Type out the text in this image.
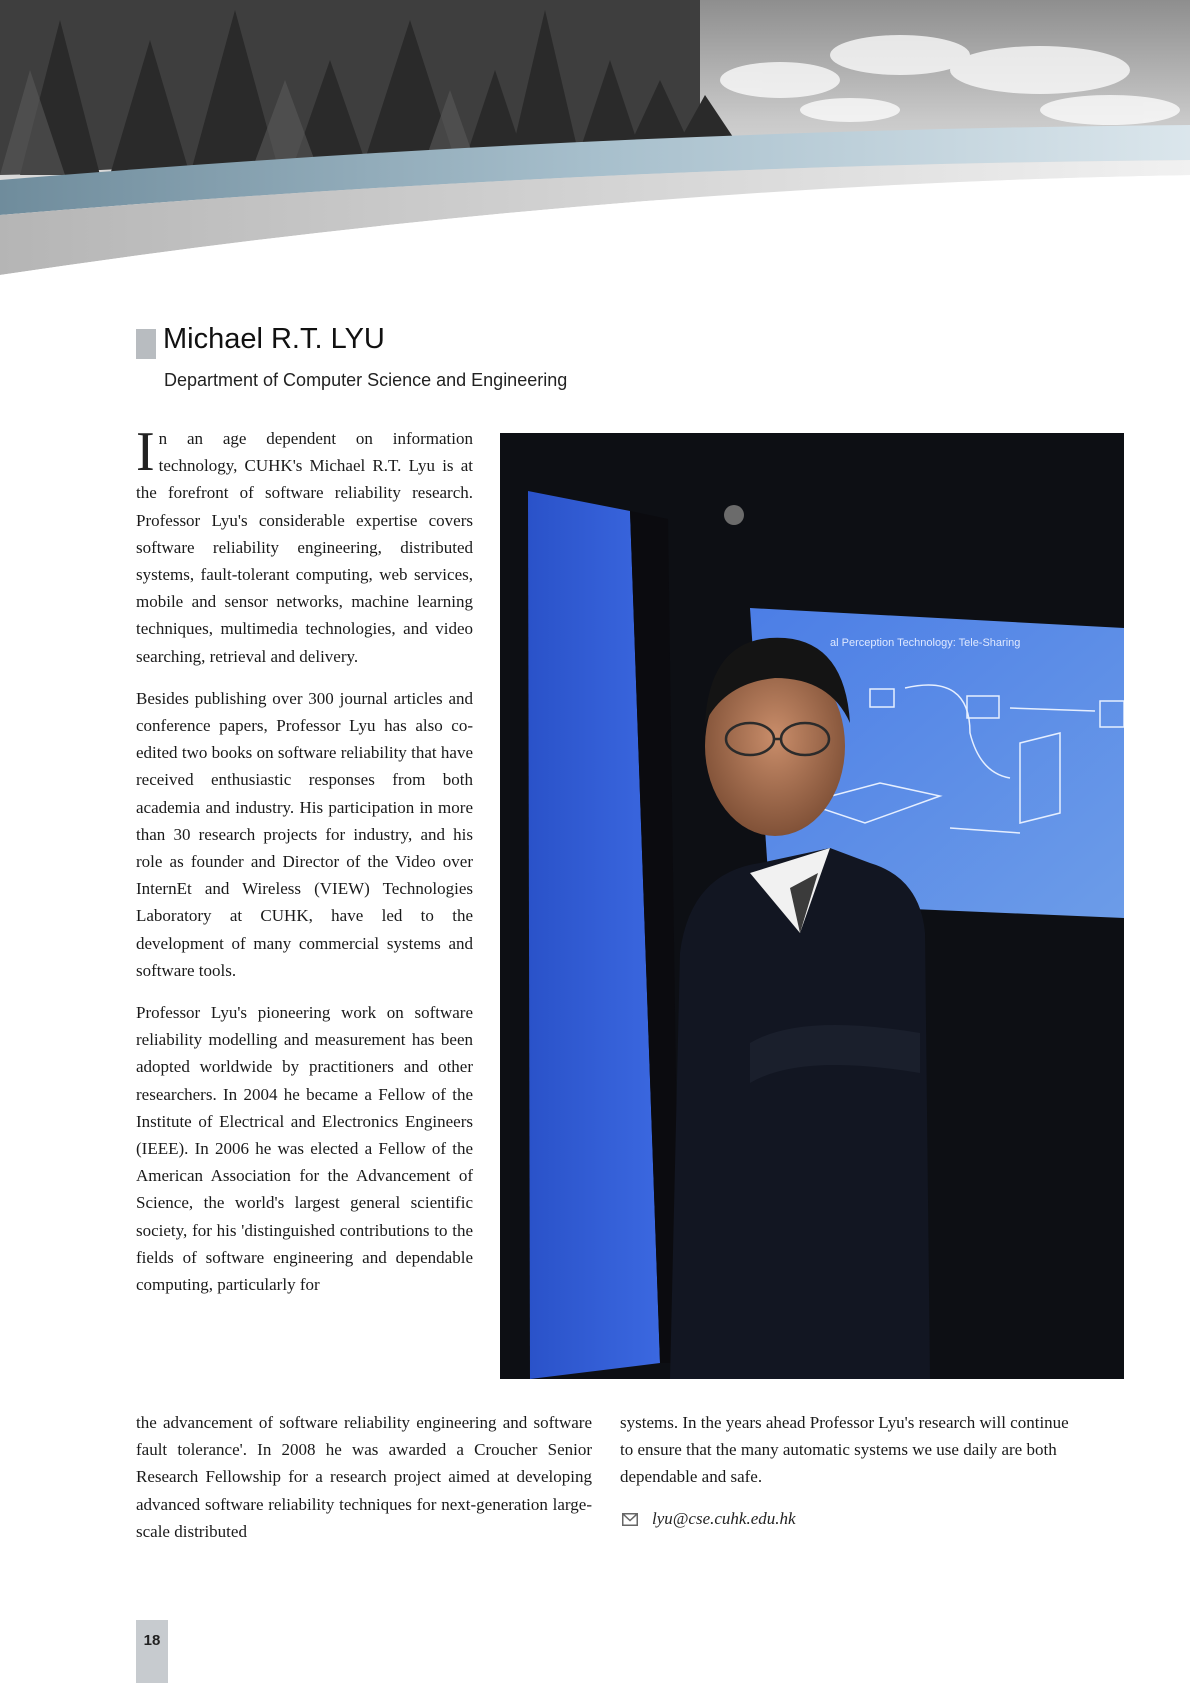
Michael R.T. LYU
Department of Computer Science and Engineering

In an age dependent on information technology, CUHK's Michael R.T. Lyu is at the forefront of software reliability research. Professor Lyu's considerable expertise covers software reliability engineering, distributed systems, fault-tolerant computing, web services, mobile and sensor networks, machine learning techniques, multimedia technologies, and video searching, retrieval and delivery.

Besides publishing over 300 journal articles and conference papers, Professor Lyu has also co-edited two books on software reliability that have received enthusiastic responses from both academia and industry. His participation in more than 30 research projects for industry, and his role as founder and Director of the Video over InternEt and Wireless (VIEW) Technologies Laboratory at CUHK, have led to the development of many commercial systems and software tools.

Professor Lyu's pioneering work on software reliability modelling and measurement has been adopted worldwide by practitioners and other researchers. In 2004 he became a Fellow of the Institute of Electrical and Electronics Engineers (IEEE). In 2006 he was elected a Fellow of the American Association for the Advancement of Science, the world's largest general scientific society, for his 'distinguished contributions to the fields of software engineering and dependable computing, particularly for

al Perception Technology: Tele-Sharing

the advancement of software reliability engineering and software fault tolerance'. In 2008 he was awarded a Croucher Senior Research Fellowship for a research project aimed at developing advanced software reliability techniques for next-generation large-scale distributed

systems. In the years ahead Professor Lyu's research will continue to ensure that the many automatic systems we use daily are both dependable and safe.

lyu@cse.cuhk.edu.hk
18
